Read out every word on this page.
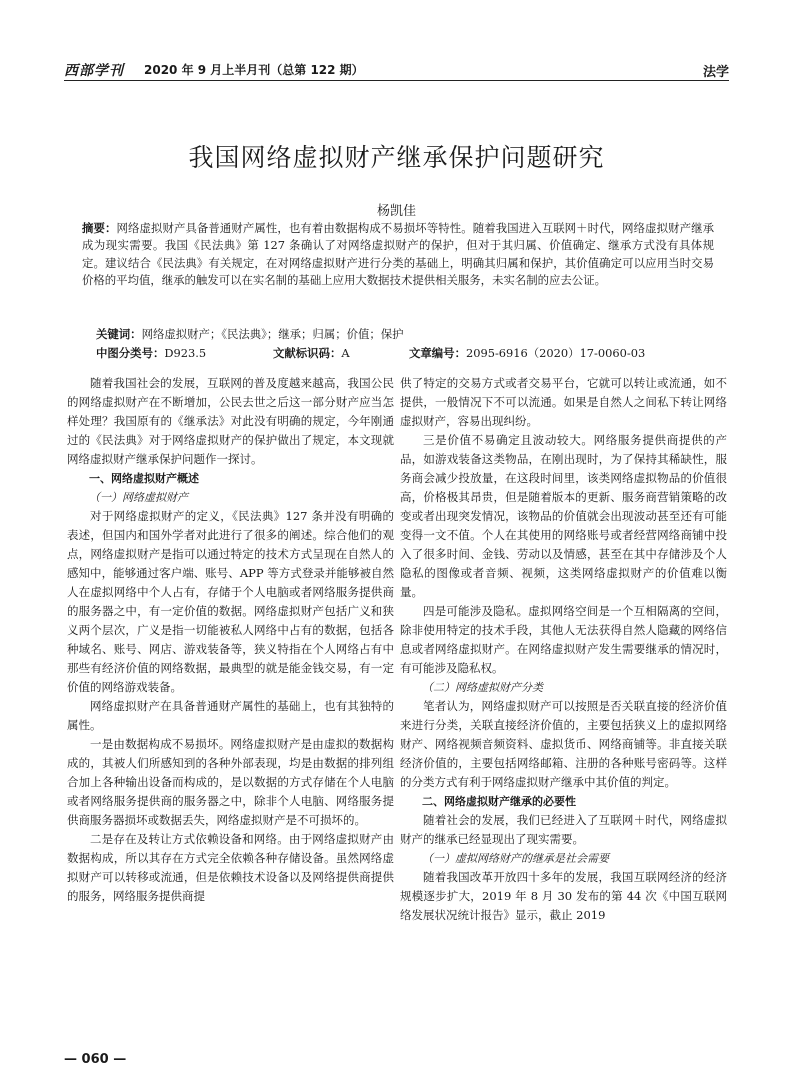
西部学刊 2020 年 9 月上半月刊（总第 122 期）	法学
我国网络虚拟财产继承保护问题研究
杨凯佳
摘要：网络虚拟财产具备普通财产属性，也有着由数据构成不易损坏等特性。随着我国进入互联网＋时代，网络虚拟财产继承成为现实需要。我国《民法典》第 127 条确认了对网络虚拟财产的保护，但对于其归属、价值确定、继承方式没有具体规定。建议结合《民法典》有关规定，在对网络虚拟财产进行分类的基础上，明确其归属和保护，其价值确定可以应用当时交易价格的平均值，继承的触发可以在实名制的基础上应用大数据技术提供相关服务，未实名制的应去公证。
关键词：网络虚拟财产；《民法典》；继承；归属；价值；保护
中图分类号：D923.5	文献标识码：A	文章编号：2095-6916（2020）17-0060-03

随着我国社会的发展，互联网的普及度越来越高，我国公民的网络虚拟财产在不断增加，公民去世之后这一部分财产应当怎样处理？我国原有的《继承法》对此没有明确的规定，今年刚通过的《民法典》对于网络虚拟财产的保护做出了规定，本文现就网络虚拟财产继承保护问题作一探讨。

一、网络虚拟财产概述
（一）网络虚拟财产

对于网络虚拟财产的定义，《民法典》127 条并没有明确的表述，但国内和国外学者对此进行了很多的阐述。综合他们的观点，网络虚拟财产是指可以通过特定的技术方式呈现在自然人的感知中，能够通过客户端、账号、APP 等方式登录并能够被自然人在虚拟网络中个人占有，存储于个人电脑或者网络服务提供商的服务器之中，有一定价值的数据。网络虚拟财产包括广义和狭义两个层次，广义是指一切能被私人网络中占有的数据，包括各种域名、账号、网店、游戏装备等，狭义特指在个人网络占有中那些有经济价值的网络数据，最典型的就是能金钱交易，有一定价值的网络游戏装备。

网络虚拟财产在具备普通财产属性的基础上，也有其独特的属性。

一是由数据构成不易损坏。网络虚拟财产是由虚拟的数据构成的，其被人们所感知到的各种外部表现，均是由数据的排列组合加上各种输出设备而构成的，是以数据的方式存储在个人电脑或者网络服务提供商的服务器之中，除非个人电脑、网络服务提供商服务器损坏或数据丢失，网络虚拟财产是不可损坏的。

二是存在及转让方式依赖设备和网络。由于网络虚拟财产由数据构成，所以其存在方式完全依赖各种存储设备。虽然网络虚拟财产可以转移或流通，但是依赖技术设备以及网络提供商提供的服务，网络服务提供商提

供了特定的交易方式或者交易平台，它就可以转让或流通，如不提供，一般情况下不可以流通。如果是自然人之间私下转让网络虚拟财产，容易出现纠纷。

三是价值不易确定且波动较大。网络服务提供商提供的产品，如游戏装备这类物品，在刚出现时，为了保持其稀缺性，服务商会减少投放量，在这段时间里，该类网络虚拟物品的价值很高，价格极其昂贵，但是随着版本的更新、服务商营销策略的改变或者出现突发情况，该物品的价值就会出现波动甚至还有可能变得一文不值。个人在其使用的网络账号或者经营网络商铺中投入了很多时间、金钱、劳动以及情感，甚至在其中存储涉及个人隐私的图像或者音频、视频，这类网络虚拟财产的价值难以衡量。

四是可能涉及隐私。虚拟网络空间是一个互相隔离的空间，除非使用特定的技术手段，其他人无法获得自然人隐藏的网络信息或者网络虚拟财产。在网络虚拟财产发生需要继承的情况时，有可能涉及隐私权。

（二）网络虚拟财产分类

笔者认为，网络虚拟财产可以按照是否关联直接的经济价值来进行分类，关联直接经济价值的，主要包括狭义上的虚拟网络财产、网络视频音频资料、虚拟货币、网络商铺等。非直接关联经济价值的，主要包括网络邮箱、注册的各种账号密码等。这样的分类方式有利于网络虚拟财产继承中其价值的判定。

二、网络虚拟财产继承的必要性

随着社会的发展，我们已经进入了互联网＋时代，网络虚拟财产的继承已经显现出了现实需要。

（一）虚拟网络财产的继承是社会需要

随着我国改革开放四十多年的发展，我国互联网经济的经济规模逐步扩大，2019 年 8 月 30 发布的第 44 次《中国互联网络发展状况统计报告》显示，截止 2019

— 060 —
